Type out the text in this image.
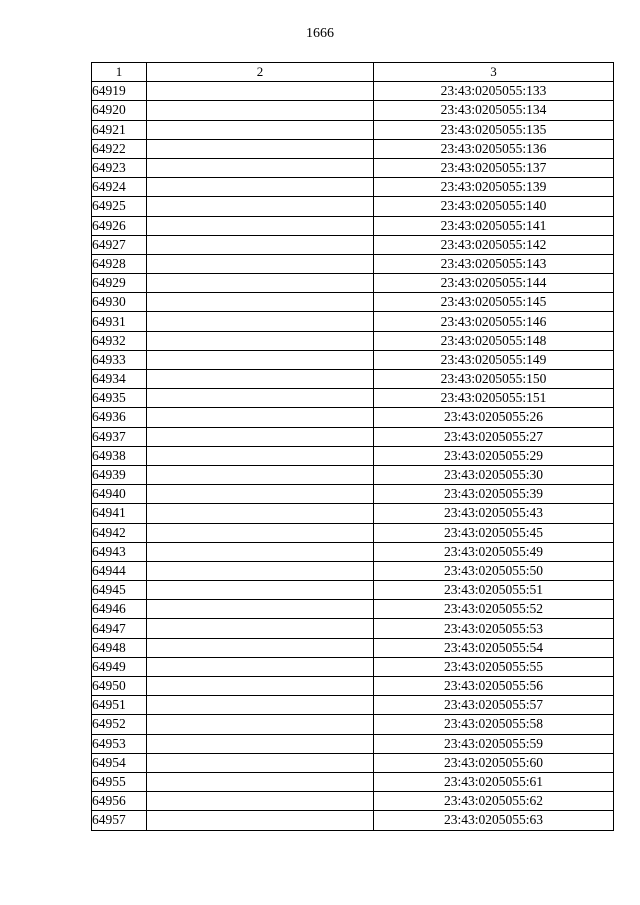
1666
1	2	3
64919		23:43:0205055:133
64920		23:43:0205055:134
64921		23:43:0205055:135
64922		23:43:0205055:136
64923		23:43:0205055:137
64924		23:43:0205055:139
64925		23:43:0205055:140
64926		23:43:0205055:141
64927		23:43:0205055:142
64928		23:43:0205055:143
64929		23:43:0205055:144
64930		23:43:0205055:145
64931		23:43:0205055:146
64932		23:43:0205055:148
64933		23:43:0205055:149
64934		23:43:0205055:150
64935		23:43:0205055:151
64936		23:43:0205055:26
64937		23:43:0205055:27
64938		23:43:0205055:29
64939		23:43:0205055:30
64940		23:43:0205055:39
64941		23:43:0205055:43
64942		23:43:0205055:45
64943		23:43:0205055:49
64944		23:43:0205055:50
64945		23:43:0205055:51
64946		23:43:0205055:52
64947		23:43:0205055:53
64948		23:43:0205055:54
64949		23:43:0205055:55
64950		23:43:0205055:56
64951		23:43:0205055:57
64952		23:43:0205055:58
64953		23:43:0205055:59
64954		23:43:0205055:60
64955		23:43:0205055:61
64956		23:43:0205055:62
64957		23:43:0205055:63
